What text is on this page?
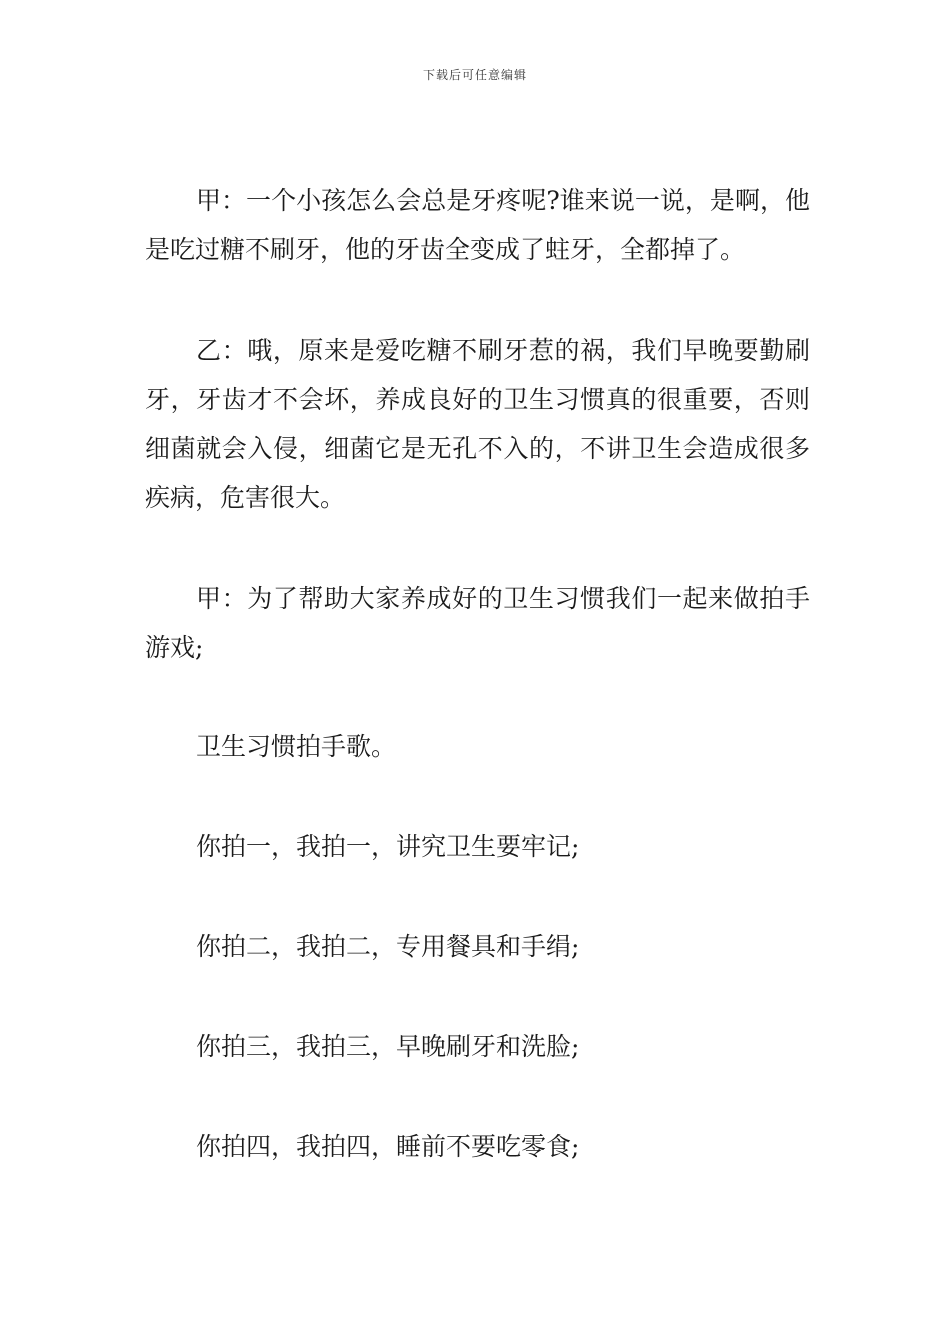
下载后可任意编辑

甲：一个小孩怎么会总是牙疼呢?谁来说一说，是啊，他是吃过糖不刷牙，他的牙齿全变成了蛀牙，全都掉了。

乙：哦，原来是爱吃糖不刷牙惹的祸，我们早晚要勤刷牙，牙齿才不会坏，养成良好的卫生习惯真的很重要，否则细菌就会入侵，细菌它是无孔不入的，不讲卫生会造成很多疾病，危害很大。

甲：为了帮助大家养成好的卫生习惯我们一起来做拍手游戏;

卫生习惯拍手歌。

你拍一，我拍一，讲究卫生要牢记;

你拍二，我拍二，专用餐具和手绢;

你拍三，我拍三，早晚刷牙和洗脸;

你拍四，我拍四，睡前不要吃零食;
